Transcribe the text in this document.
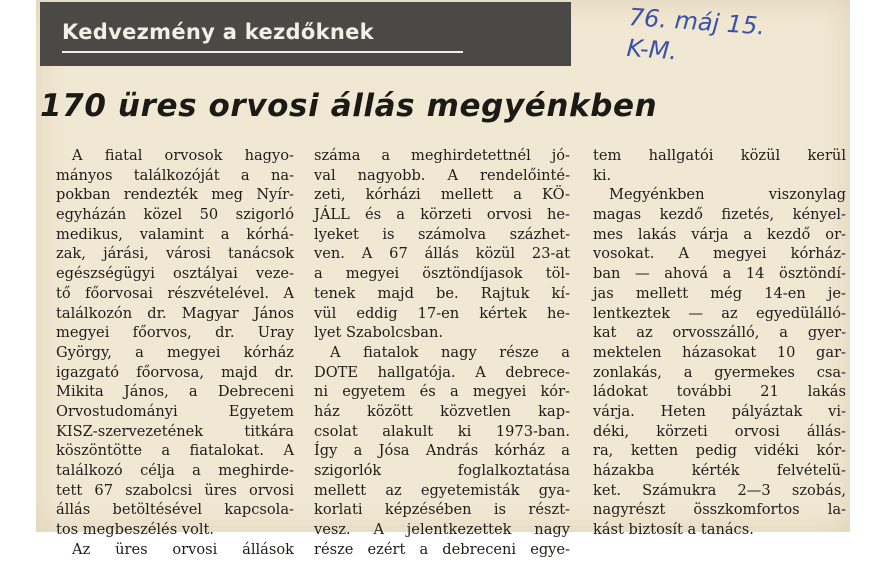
Kedvezmény a kezdőknek	76. máj 15.
K-M.
170 üres orvosi állás megyénkben
A fiatal orvosok hagyo-
mányos találkozóját a na-
pokban rendezték meg Nyír-
egyházán közel 50 szigorló
medikus, valamint a kórhá-
zak, járási, városi tanácsok
egészségügyi osztályai veze-
tő főorvosai részvételével. A
találkozón dr. Magyar János
megyei főorvos, dr. Uray
György, a megyei kórház
igazgató főorvosa, majd dr.
Mikita János, a Debreceni
Orvostudományi Egyetem
KISZ-szervezetének titkára
köszöntötte a fiatalokat. A
találkozó célja a meghirde-
tett 67 szabolcsi üres orvosi
állás betöltésével kapcsola-
tos megbeszélés volt.
Az üres orvosi állások
száma a meghirdetettnél jó-
val nagyobb. A rendelőinté-
zeti, kórházi mellett a KÖ-
JÁLL és a körzeti orvosi he-
lyeket is számolva százhet-
ven. A 67 állás közül 23-at
a megyei ösztöndíjasok töl-
tenek majd be. Rajtuk kí-
vül eddig 17-en kértek he-
lyet Szabolcsban.
A fiatalok nagy része a
DOTE hallgatója. A debrece-
ni egyetem és a megyei kór-
ház között közvetlen kap-
csolat alakult ki 1973-ban.
Így a Jósa András kórház a
szigorlók foglalkoztatása
mellett az egyetemisták gya-
korlati képzésében is részt-
vesz. A jelentkezettek nagy
része ezért a debreceni egye-
tem hallgatói közül kerül
ki.
Megyénkben viszonylag
magas kezdő fizetés, kényel-
mes lakás várja a kezdő or-
vosokat. A megyei kórház-
ban — ahová a 14 ösztöndí-
jas mellett még 14-en je-
lentkeztek — az egyedülálló-
kat az orvosszálló, a gyer-
mektelen házasokat 10 gar-
zonlakás, a gyermekes csa-
ládokat további 21 lakás
várja. Heten pályáztak vi-
déki, körzeti orvosi állás-
ra, ketten pedig vidéki kór-
házakba kérték felvételü-
ket. Számukra 2—3 szobás,
nagyrészt összkomfortos la-
kást biztosít a tanács.
